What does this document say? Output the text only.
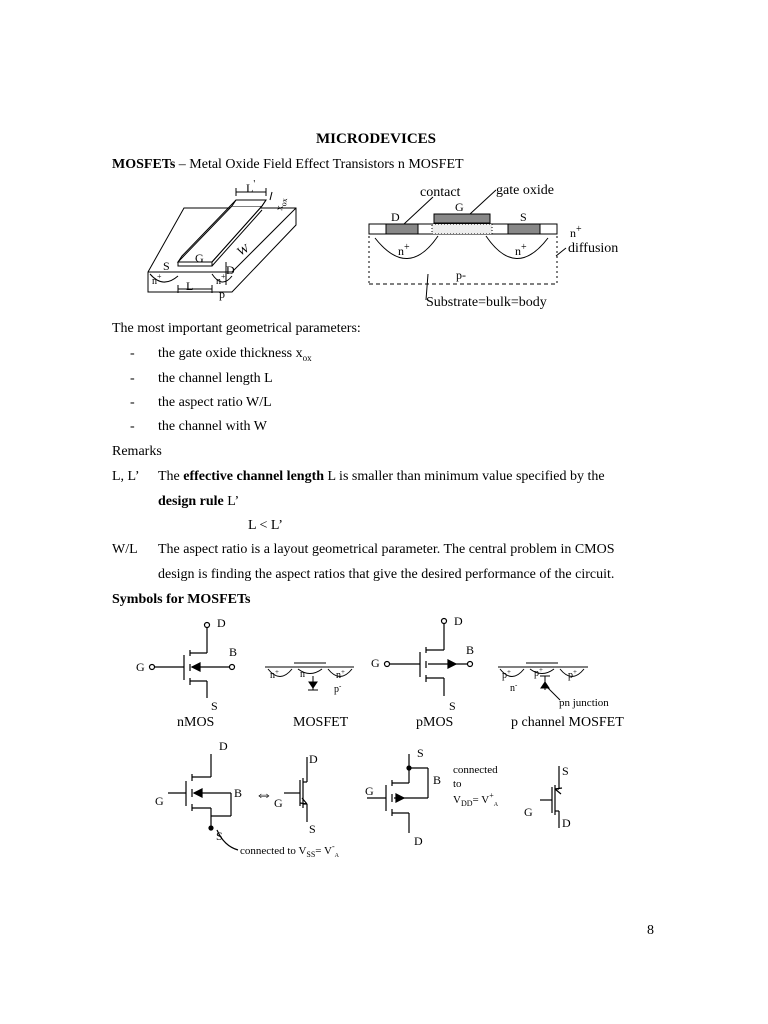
MICRODEVICES
MOSFETs – Metal Oxide Field Effect Transistors n MOSFET
The most important geometrical parameters:
- the gate oxide thickness $x_{ox}$
- the channel length L
- the aspect ratio W/L
- the channel with W
Remarks
L, L’ The effective channel length L is smaller than minimum value specified by the
design rule L’
L < L’
W/L The aspect ratio is a layout geometrical parameter. The central problem in CMOS
design is finding the aspect ratios that give the desired performance of the circuit.
Symbols for MOSFETs
8
L'
$x_{ox}$
W
S
G
D
n+	n+
L
p
contact	gate oxide
G
D	S
n+
diffusion
n+	n+
p-
Substrate=bulk=body
D
B
G
S
nMOS
n+ n	n+
p-
MOSFET
D
B
G
S
pMOS
p+ p+	p+
n-
pn junction
p channel MOSFET
D
B
G
S
⇔
connected to $V_{SS}= V^-_A$
D
G
S
S
B
G
D
connected
to
$V_{DD}= V^+_A$
S
G
D
